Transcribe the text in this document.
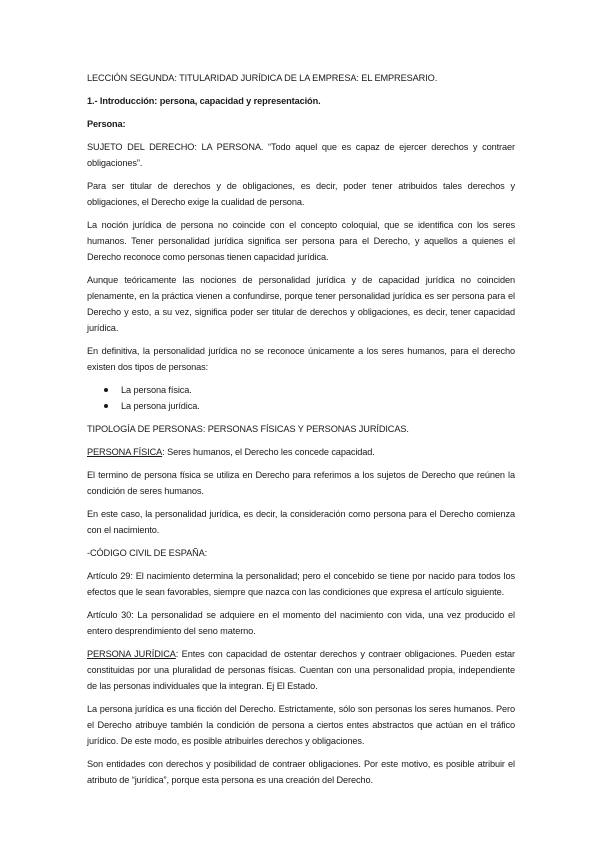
LECCIÓN SEGUNDA: TITULARIDAD JURÍDICA DE LA EMPRESA: EL EMPRESARIO.

1.- Introducción: persona, capacidad y representación.

Persona:

SUJETO DEL DERECHO: LA PERSONA. “Todo aquel que es capaz de ejercer derechos y contraer obligaciones”.

Para ser titular de derechos y de obligaciones, es decir, poder tener atribuidos tales derechos y obligaciones, el Derecho exige la cualidad de persona.

La noción jurídica de persona no coincide con el concepto coloquial, que se identifica con los seres humanos. Tener personalidad jurídica significa ser persona para el Derecho, y aquellos a quienes el Derecho reconoce como personas tienen capacidad jurídica.

Aunque teóricamente las nociones de personalidad jurídica y de capacidad jurídica no coinciden plenamente, en la práctica vienen a confundirse, porque tener personalidad jurídica es ser persona para el Derecho y esto, a su vez, significa poder ser titular de derechos y obligaciones, es decir, tener capacidad jurídica.

En definitiva, la personalidad jurídica no se reconoce únicamente a los seres humanos, para el derecho existen dos tipos de personas:

La persona física.
La persona jurídica.

TIPOLOGÍA DE PERSONAS: PERSONAS FÍSICAS Y PERSONAS JURÍDICAS.

PERSONA FÍSICA: Seres humanos, el Derecho les concede capacidad.

El termino de persona física se utiliza en Derecho para referimos a los sujetos de Derecho que reúnen la condición de seres humanos.

En este caso, la personalidad jurídica, es decir, la consideración como persona para el Derecho comienza con el nacimiento.

-CÓDIGO CIVIL DE ESPAÑA:

Artículo 29: El nacimiento determina la personalidad; pero el concebido se tiene por nacido para todos los efectos que le sean favorables, siempre que nazca con las condiciones que expresa el artículo siguiente.

Artículo 30: La personalidad se adquiere en el momento del nacimiento con vida, una vez producido el entero desprendimiento del seno materno.

PERSONA JURÍDICA: Entes con capacidad de ostentar derechos y contraer obligaciones. Pueden estar constituidas por una pluralidad de personas físicas. Cuentan con una personalidad propia, independiente de las personas individuales que la integran. Ej El Estado.

La persona jurídica es una ficción del Derecho. Estrictamente, sólo son personas los seres humanos. Pero el Derecho atribuye también la condición de persona a ciertos entes abstractos que actúan en el tráfico jurídico. De este modo, es posible atribuirles derechos y obligaciones.

Son entidades con derechos y posibilidad de contraer obligaciones. Por este motivo, es posible atribuir el atributo de “jurídica”, porque esta persona es una creación del Derecho.
